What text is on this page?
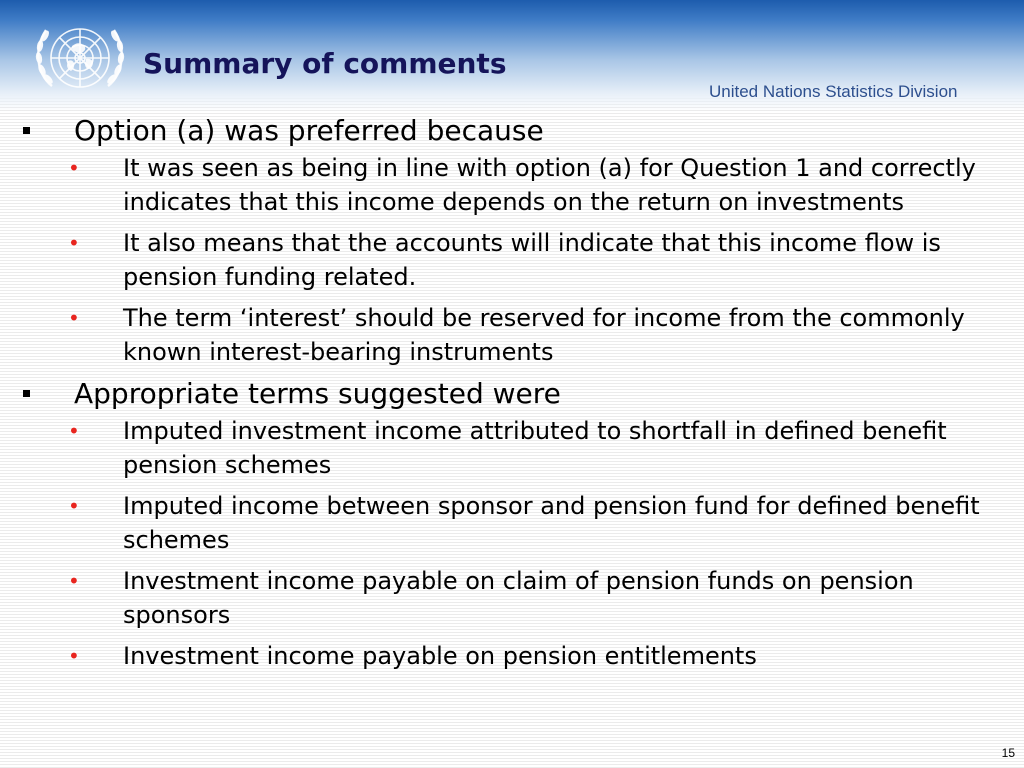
Summary of comments
United Nations Statistics Division
Option (a) was preferred because
• It was seen as being in line with option (a) for Question 1 and correctly indicates that this income depends on the return on investments
• It also means that the accounts will indicate that this income flow is pension funding related.
• The term ‘interest’ should be reserved for income from the commonly known interest-bearing instruments
Appropriate terms suggested were
• Imputed investment income attributed to shortfall in defined benefit pension schemes
• Imputed income between sponsor and pension fund for defined benefit schemes
• Investment income payable on claim of pension funds on pension sponsors
• Investment income payable on pension entitlements
15
